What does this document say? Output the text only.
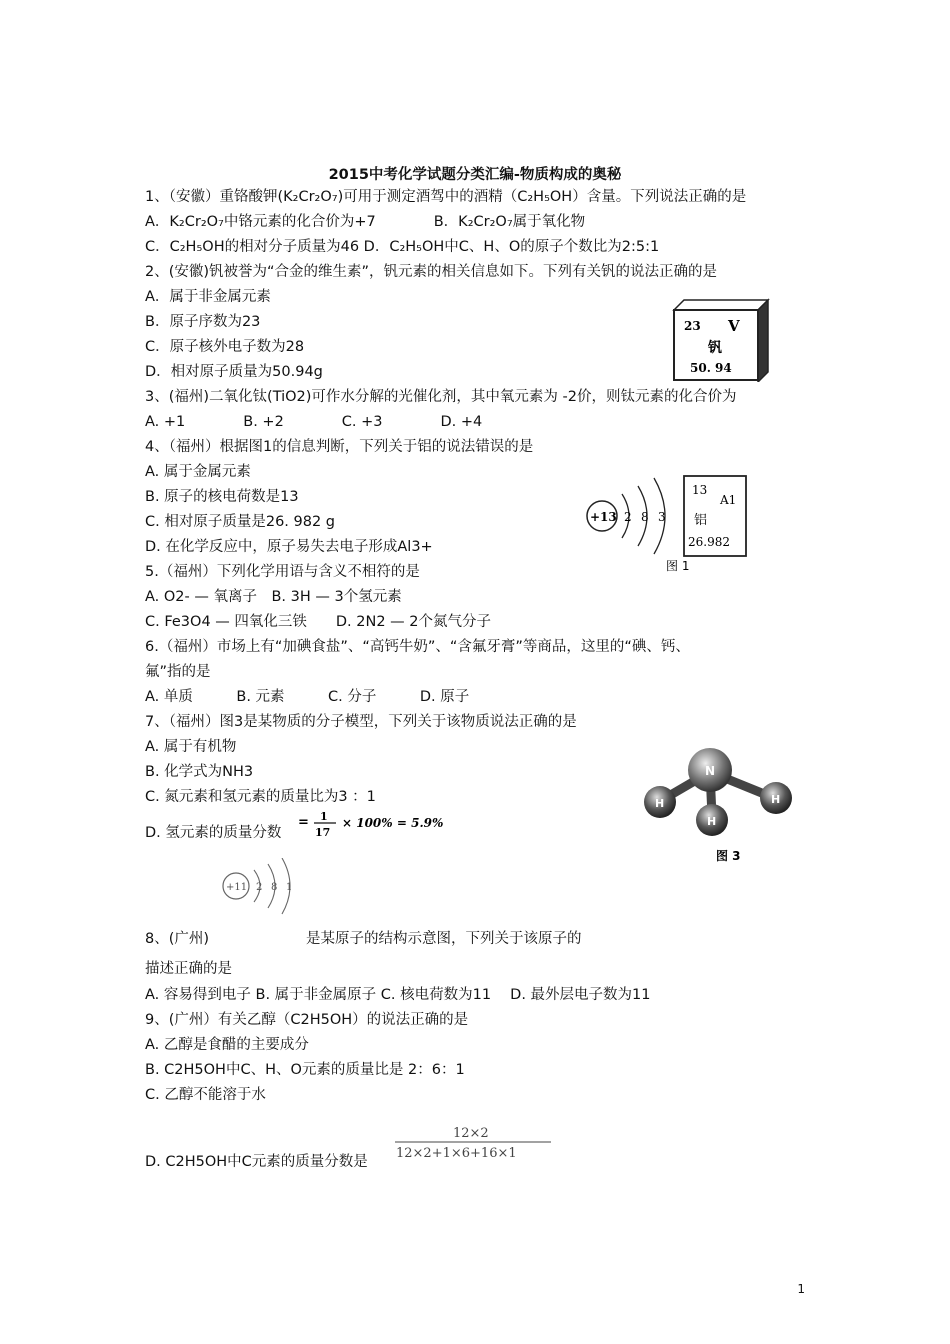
2015中考化学试题分类汇编-物质构成的奥秘
1、（安徽）重铬酸钾(K₂Cr₂O₇)可用于测定酒驾中的酒精（C₂H₅OH）含量。下列说法正确的是
A．K₂Cr₂O₇中铬元素的化合价为+7　　　　B．K₂Cr₂O₇属于氧化物
C．C₂H₅OH的相对分子质量为46 D．C₂H₅OH中C、H、O的原子个数比为2:5:1
2、(安徽)钒被誉为“合金的维生素”，钒元素的相关信息如下。下列有关钒的说法正确的是
A．属于非金属元素
B．原子序数为23
C．原子核外电子数为28
D．相对原子质量为50.94g
3、(福州)二氧化钛(TiO2)可作水分解的光催化剂，其中氧元素为 -2价，则钛元素的化合价为
A. +1　　　　B. +2　　　　C. +3　　　　D. +4
4、（福州）根据图1的信息判断，下列关于铝的说法错误的是
A. 属于金属元素
B. 原子的核电荷数是13
C. 相对原子质量是26. 982 g
D. 在化学反应中，原子易失去电子形成Al3+
5.（福州）下列化学用语与含义不相符的是
A. O2- — 氧离子　B. 3H — 3个氢元素
C. Fe3O4 — 四氧化三铁　　D. 2N2 — 2个氮气分子
6.（福州）市场上有“加碘食盐”、“高钙牛奶”、“含氟牙膏”等商品，这里的“碘、钙、
氟”指的是
A. 单质　　　B. 元素　　　C. 分子　　　D. 原子
7、（福州）图3是某物质的分子模型，下列关于该物质说法正确的是
A. 属于有机物
B. 化学式为NH3
C. 氮元素和氢元素的质量比为3 ：1
D. 氢元素的质量分数
8、(广州)	是某原子的结构示意图，下列关于该原子的
描述正确的是
A. 容易得到电子 B. 属于非金属原子 C. 核电荷数为11　 D. 最外层电子数为11
9、(广州）有关乙醇（C2H5OH）的说法正确的是
A. 乙醇是食醋的主要成分
B. C2H5OH中C、H、O元素的质量比是 2：6：1
C. 乙醇不能溶于水
D. C2H5OH中C元素的质量分数是
23 V
钒
50. 94
+13 2 8 3
13
A1
铝
26.982
图 1
N
H	H
H
图 3
= 1
17
× 100% = 5.9%
+11 2 8 1
12×2
12×2+1×6+16×1
1
